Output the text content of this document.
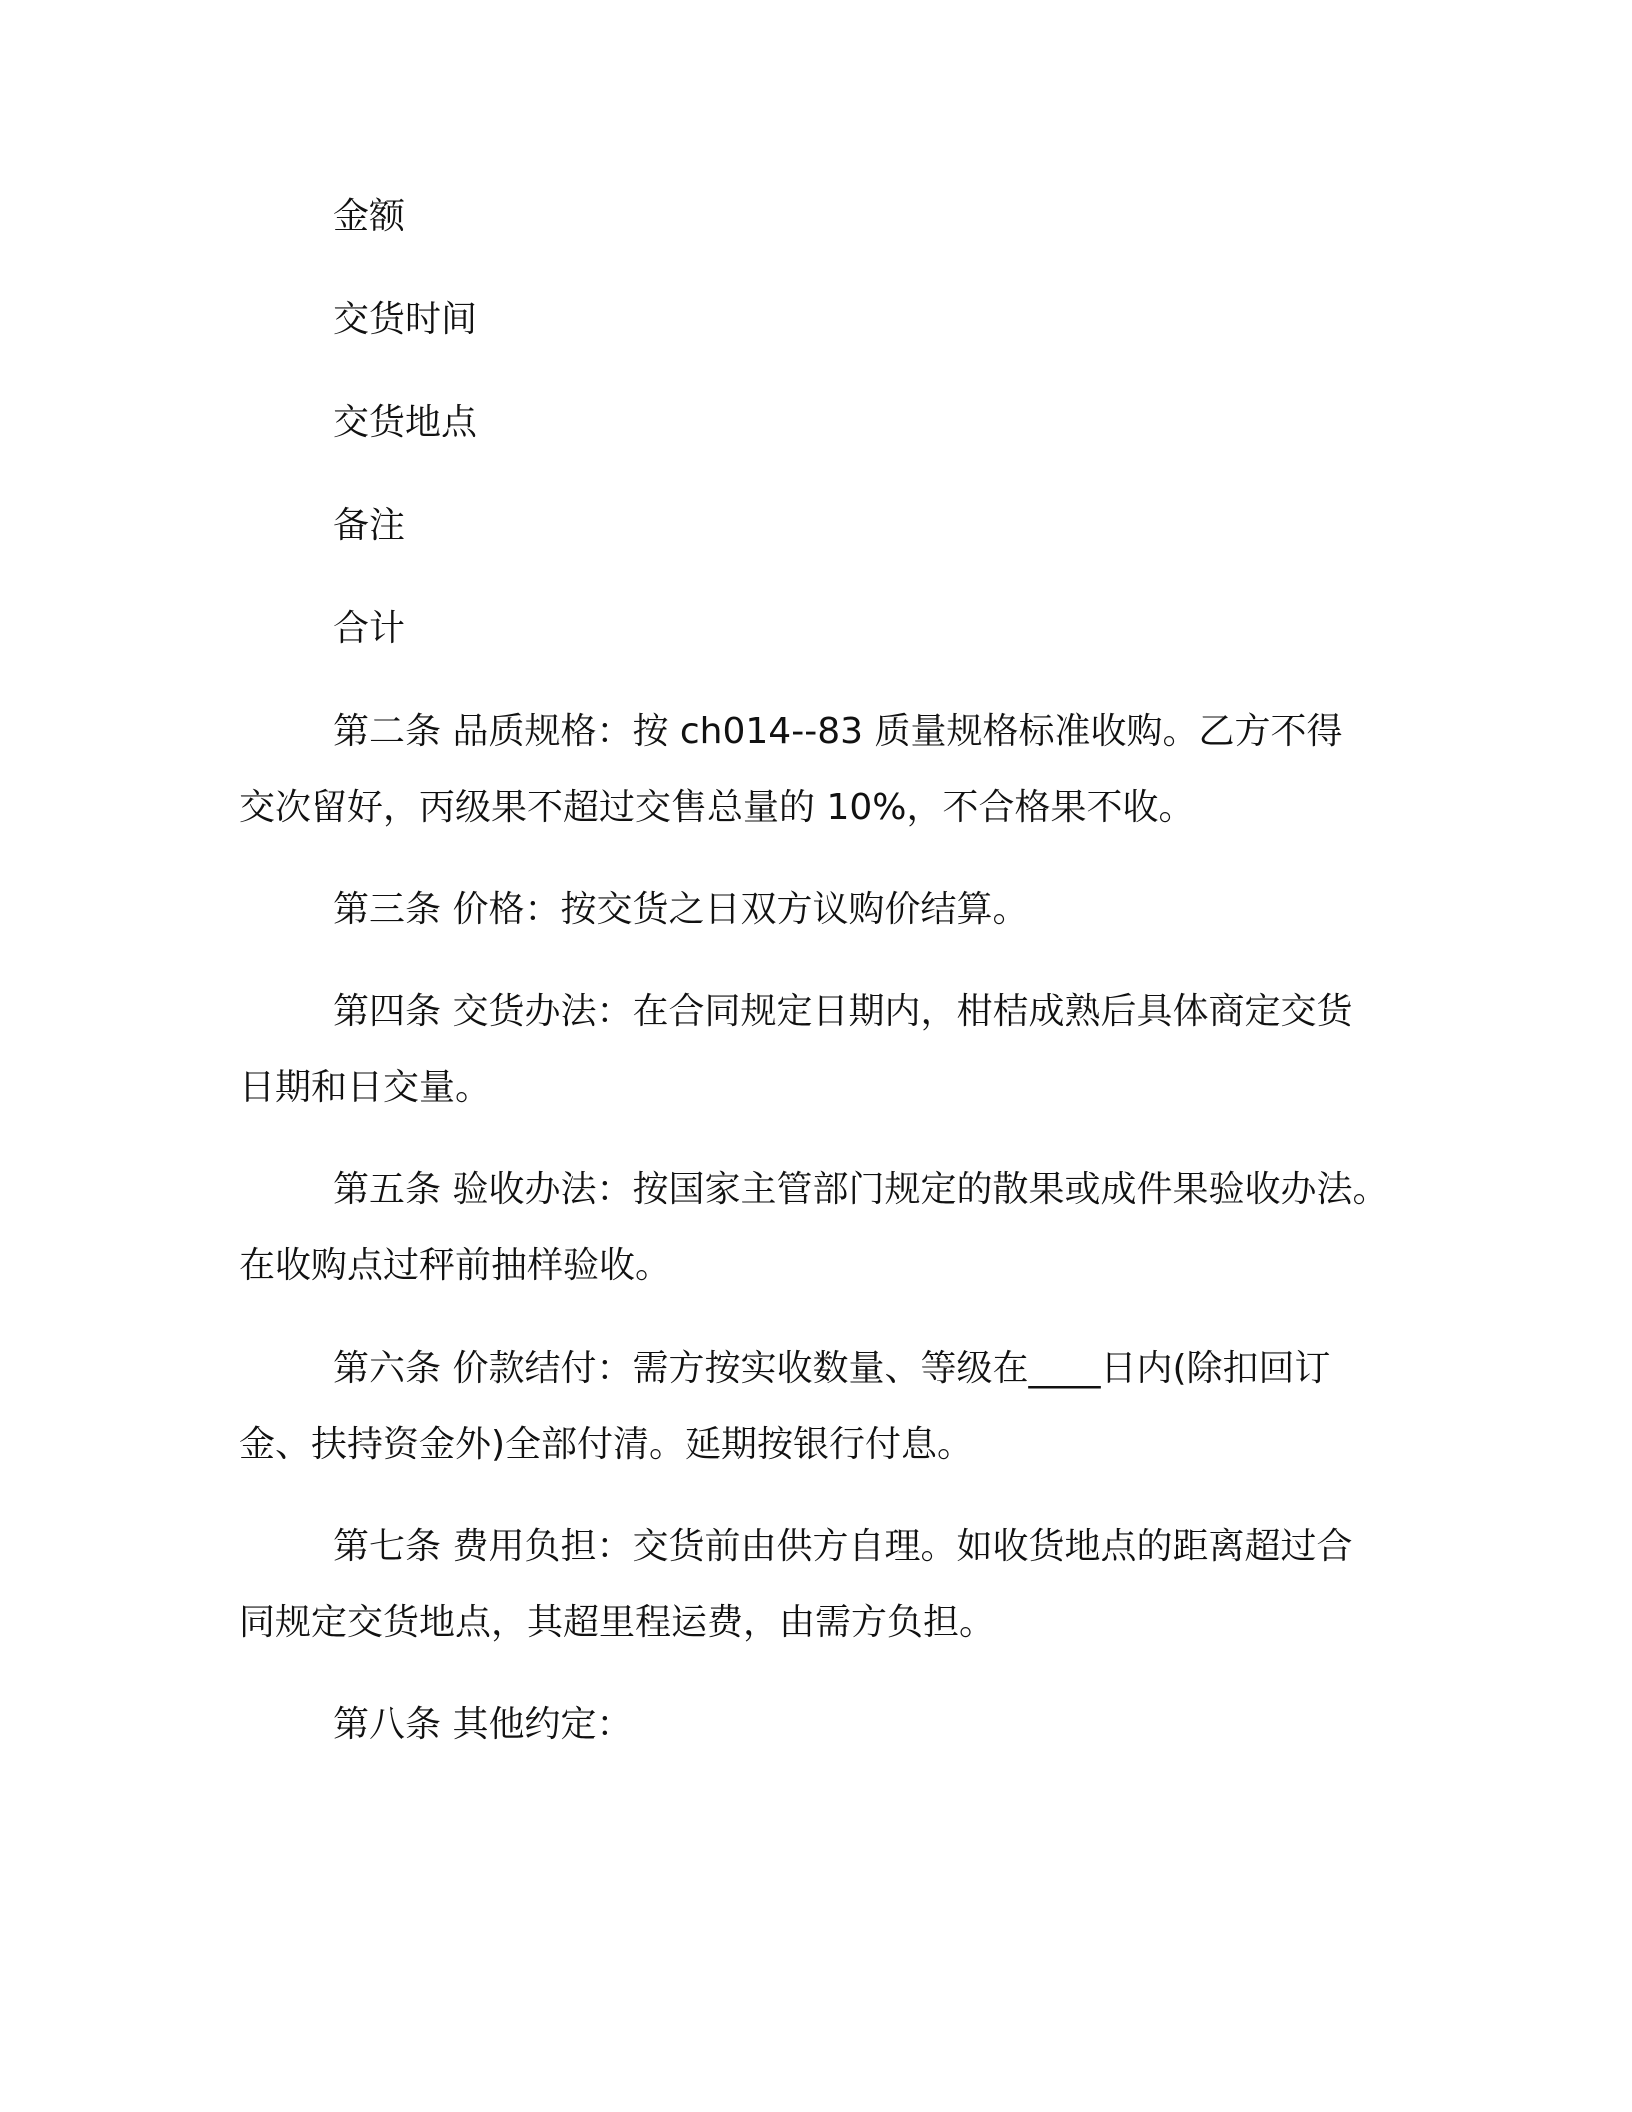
金额

交货时间

交货地点

备注

合计

第二条 品质规格：按 ch014--83 质量规格标准收购。乙方不得

交次留好，丙级果不超过交售总量的 10%，不合格果不收。

第三条 价格：按交货之日双方议购价结算。

第四条 交货办法：在合同规定日期内，柑桔成熟后具体商定交货

日期和日交量。

第五条 验收办法：按国家主管部门规定的散果或成件果验收办法。

在收购点过秤前抽样验收。

第六条 价款结付：需方按实收数量、等级在____日内(除扣回订

金、扶持资金外)全部付清。延期按银行付息。

第七条 费用负担：交货前由供方自理。如收货地点的距离超过合

同规定交货地点，其超里程运费，由需方负担。

第八条 其他约定：
